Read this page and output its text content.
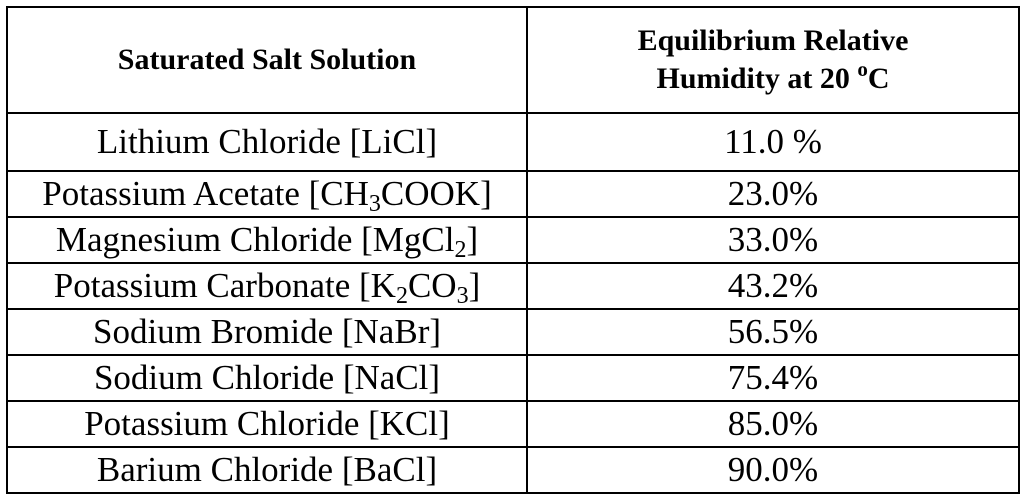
Saturated Salt Solution	Equilibrium Relative
Humidity at 20 $^o$C
Lithium Chloride [LiCl]	11.0 %
Potassium Acetate $[CH_3COOK]$	23.0%
Magnesium Chloride [MgCl$_2$]	33.0%
Potassium Carbonate $[K_2CO_3]$	43.2%
Sodium Bromide [NaBr]	56.5%
Sodium Chloride [NaCl]	75.4%
Potassium Chloride [KCl]	85.0%
Barium Chloride [BaCl]	90.0%
